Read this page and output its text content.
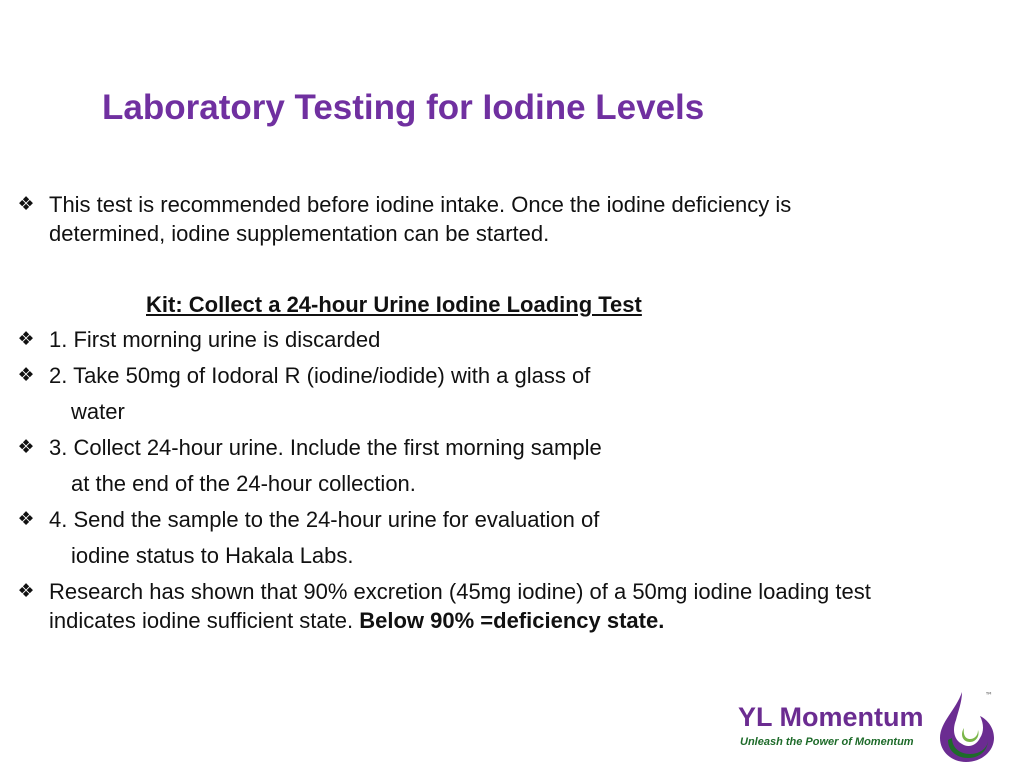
Laboratory Testing for Iodine Levels
❖ This test is recommended before iodine intake. Once the iodine deficiency is determined, iodine supplementation can be started.
Kit: Collect a 24-hour Urine Iodine Loading Test
❖ 1. First morning urine is discarded
❖ 2. Take 50mg of Iodoral R (iodine/iodide) with a glass of
water
❖ 3. Collect 24-hour urine. Include the first morning sample
at the end of the 24-hour collection.
❖ 4. Send the sample to the 24-hour urine for evaluation of
iodine status to Hakala Labs.
❖ Research has shown that 90% excretion (45mg iodine) of a 50mg iodine loading test indicates iodine sufficient state. Below 90% =deficiency state.
YL Momentum
Unleash the Power of Momentum
™
